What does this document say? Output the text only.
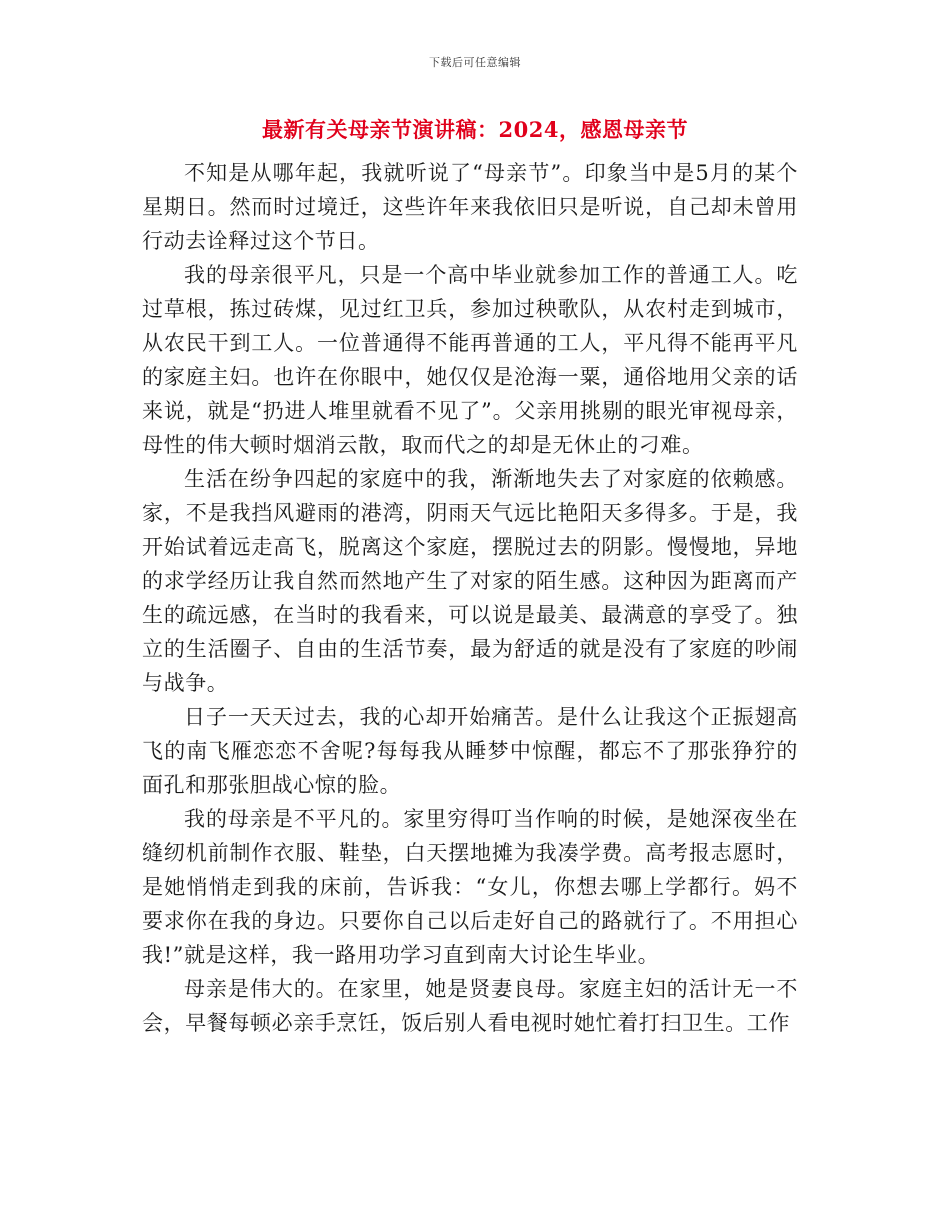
下载后可任意编辑
最新有关母亲节演讲稿：2024，感恩母亲节

不知是从哪年起，我就听说了“母亲节”。印象当中是5月的某个星期日。然而时过境迁，这些许年来我依旧只是听说，自己却未曾用行动去诠释过这个节日。

我的母亲很平凡，只是一个高中毕业就参加工作的普通工人。吃过草根，拣过砖煤，见过红卫兵，参加过秧歌队，从农村走到城市，从农民干到工人。一位普通得不能再普通的工人，平凡得不能再平凡的家庭主妇。也许在你眼中，她仅仅是沧海一粟，通俗地用父亲的话来说，就是“扔进人堆里就看不见了”。父亲用挑剔的眼光审视母亲，母性的伟大顿时烟消云散，取而代之的却是无休止的刁难。

生活在纷争四起的家庭中的我，渐渐地失去了对家庭的依赖感。家，不是我挡风避雨的港湾，阴雨天气远比艳阳天多得多。于是，我开始试着远走高飞，脱离这个家庭，摆脱过去的阴影。慢慢地，异地的求学经历让我自然而然地产生了对家的陌生感。这种因为距离而产生的疏远感，在当时的我看来，可以说是最美、最满意的享受了。独立的生活圈子、自由的生活节奏，最为舒适的就是没有了家庭的吵闹与战争。

日子一天天过去，我的心却开始痛苦。是什么让我这个正振翅高飞的南飞雁恋恋不舍呢?每每我从睡梦中惊醒，都忘不了那张狰狞的面孔和那张胆战心惊的脸。

我的母亲是不平凡的。家里穷得叮当作响的时候，是她深夜坐在缝纫机前制作衣服、鞋垫，白天摆地摊为我凑学费。高考报志愿时，是她悄悄走到我的床前，告诉我：“女儿，你想去哪上学都行。妈不要求你在我的身边。只要你自己以后走好自己的路就行了。不用担心我!”就是这样，我一路用功学习直到南大讨论生毕业。

母亲是伟大的。在家里，她是贤妻良母。家庭主妇的活计无一不会，早餐每顿必亲手烹饪，饭后别人看电视时她忙着打扫卫生。工作
